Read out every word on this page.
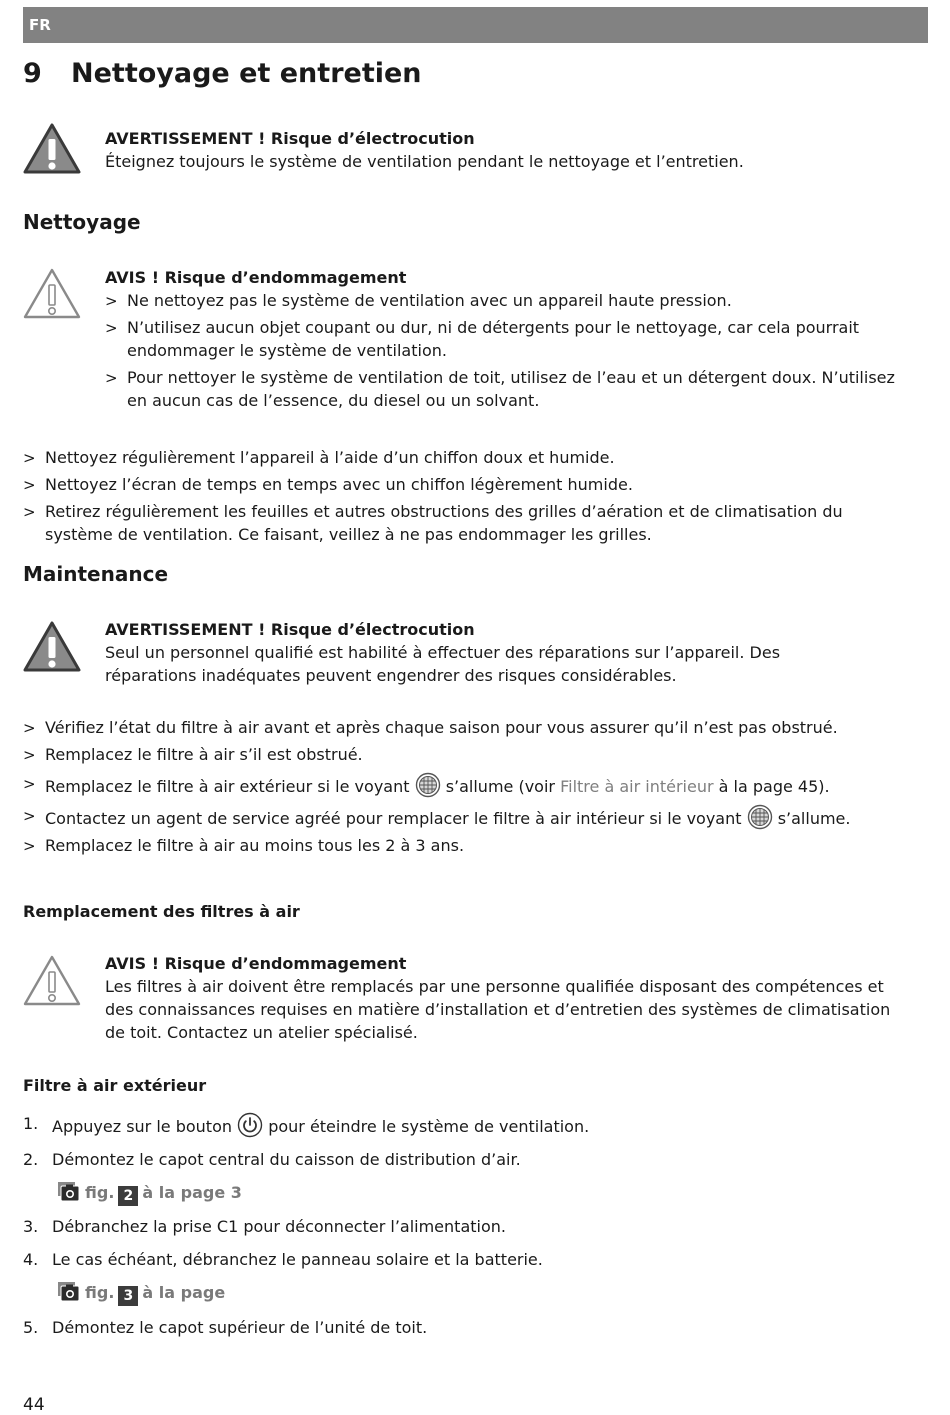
FR
9 Nettoyage et entretien
AVERTISSEMENT ! Risque d’électrocution
Éteignez toujours le système de ventilation pendant le nettoyage et l’entretien.
Nettoyage
AVIS ! Risque d’endommagement
> Ne nettoyez pas le système de ventilation avec un appareil haute pression.
> N’utilisez aucun objet coupant ou dur, ni de détergents pour le nettoyage, car cela pourrait endommager le système de ventilation.
> Pour nettoyer le système de ventilation de toit, utilisez de l’eau et un détergent doux. N’utilisez en aucun cas de l’essence, du diesel ou un solvant.
> Nettoyez régulièrement l’appareil à l’aide d’un chiffon doux et humide.
> Nettoyez l’écran de temps en temps avec un chiffon légèrement humide.
> Retirez régulièrement les feuilles et autres obstructions des grilles d’aération et de climatisation du système de ventilation. Ce faisant, veillez à ne pas endommager les grilles.
Maintenance
AVERTISSEMENT ! Risque d’électrocution
Seul un personnel qualifié est habilité à effectuer des réparations sur l’appareil. Des réparations inadéquates peuvent engendrer des risques considérables.
> Vérifiez l’état du filtre à air avant et après chaque saison pour vous assurer qu’il n’est pas obstrué.
> Remplacez le filtre à air s’il est obstrué.
> Remplacez le filtre à air extérieur si le voyant s’allume (voir Filtre à air intérieur à la page 45).
> Contactez un agent de service agréé pour remplacer le filtre à air intérieur si le voyant s’allume.
> Remplacez le filtre à air au moins tous les 2 à 3 ans.
Remplacement des filtres à air
AVIS ! Risque d’endommagement
Les filtres à air doivent être remplacés par une personne qualifiée disposant des compétences et des connaissances requises en matière d’installation et d’entretien des systèmes de climatisation de toit. Contactez un atelier spécialisé.
Filtre à air extérieur
1. Appuyez sur le bouton pour éteindre le système de ventilation.
2. Démontez le capot central du caisson de distribution d’air.
fig. 2 à la page 3
3. Débranchez la prise C1 pour déconnecter l’alimentation.
4. Le cas échéant, débranchez le panneau solaire et la batterie.
fig. 3 à la page
5. Démontez le capot supérieur de l’unité de toit.
44
